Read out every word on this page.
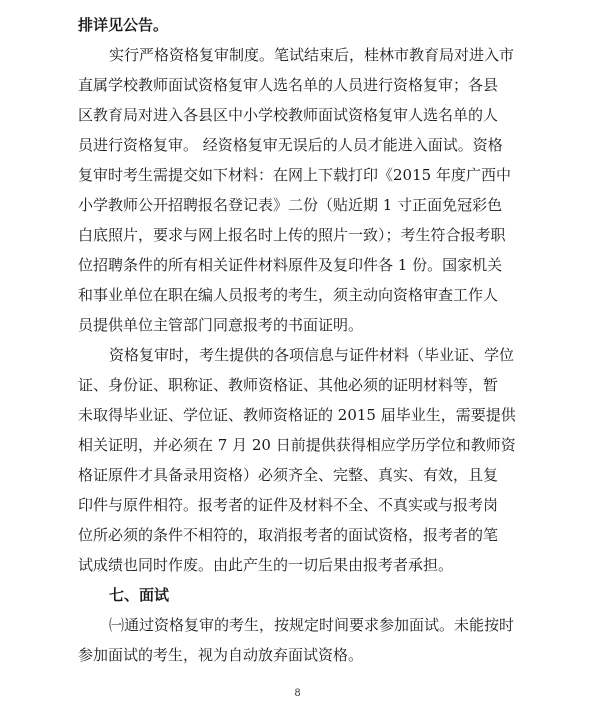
排详见公告。
实行严格资格复审制度。笔试结束后，桂林市教育局对进入市
直属学校教师面试资格复审人选名单的人员进行资格复审；各县
区教育局对进入各县区中小学校教师面试资格复审人选名单的人
员进行资格复审。 经资格复审无误后的人员才能进入面试。资格
复审时考生需提交如下材料：在网上下载打印《2015 年度广西中
小学教师公开招聘报名登记表》二份（贴近期 1 寸正面免冠彩色
白底照片，要求与网上报名时上传的照片一致）；考生符合报考职
位招聘条件的所有相关证件材料原件及复印件各 1 份。国家机关
和事业单位在职在编人员报考的考生，须主动向资格审查工作人
员提供单位主管部门同意报考的书面证明。
资格复审时，考生提供的各项信息与证件材料（毕业证、学位
证、身份证、职称证、教师资格证、其他必须的证明材料等，暂
未取得毕业证、学位证、教师资格证的 2015 届毕业生，需要提供
相关证明，并必须在 7 月 20 日前提供获得相应学历学位和教师资
格证原件才具备录用资格）必须齐全、完整、真实、有效，且复
印件与原件相符。报考者的证件及材料不全、不真实或与报考岗
位所必须的条件不相符的，取消报考者的面试资格，报考者的笔
试成绩也同时作废。由此产生的一切后果由报考者承担。
七、面试
㈠通过资格复审的考生，按规定时间要求参加面试。未能按时
参加面试的考生，视为自动放弃面试资格。
8
